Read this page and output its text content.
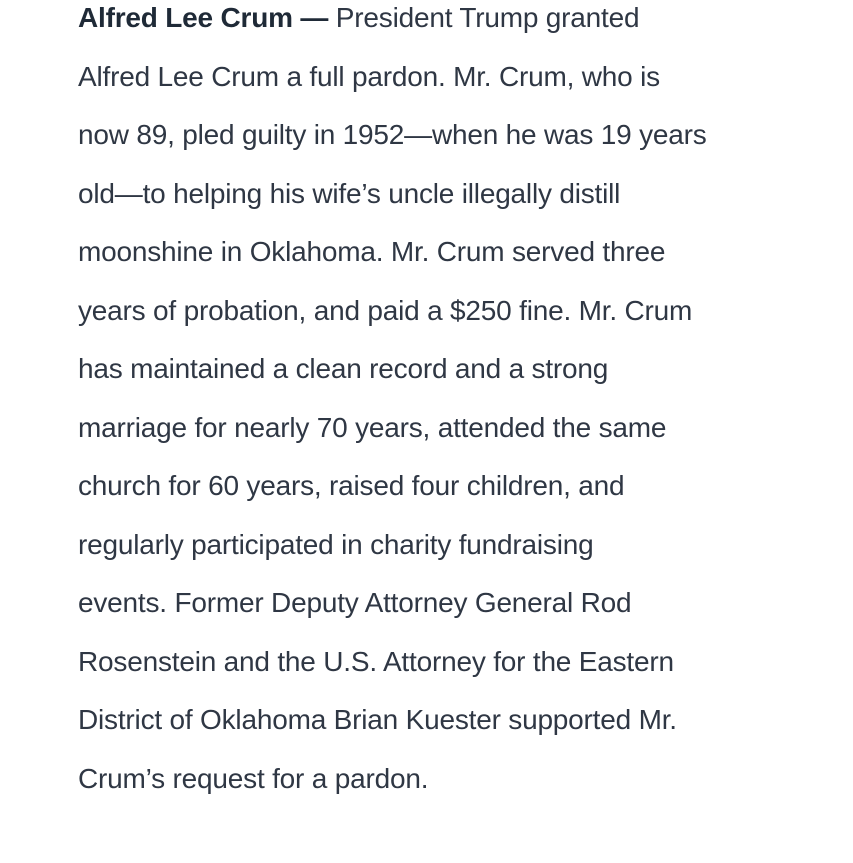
Alfred Lee Crum — President Trump granted
Alfred Lee Crum a full pardon. Mr. Crum, who is
now 89, pled guilty in 1952—when he was 19 years
old—to helping his wife’s uncle illegally distill
moonshine in Oklahoma. Mr. Crum served three
years of probation, and paid a $250 fine. Mr. Crum
has maintained a clean record and a strong
marriage for nearly 70 years, attended the same
church for 60 years, raised four children, and
regularly participated in charity fundraising
events. Former Deputy Attorney General Rod
Rosenstein and the U.S. Attorney for the Eastern
District of Oklahoma Brian Kuester supported Mr.
Crum’s request for a pardon.
